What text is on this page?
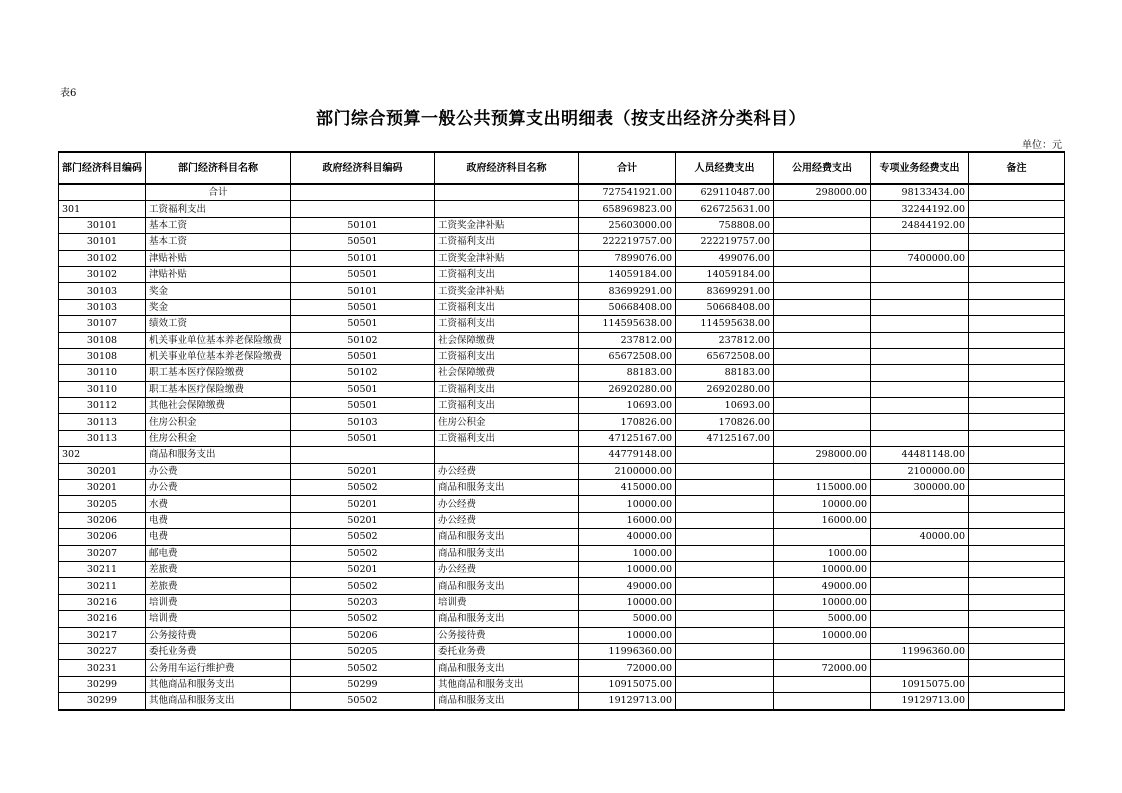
表6
部门综合预算一般公共预算支出明细表（按支出经济分类科目）
单位：元
部门经济科目编码	部门经济科目名称	政府经济科目编码	政府经济科目名称	合计	人员经费支出	公用经费支出	专项业务经费支出	备注
	合计			727541921.00	629110487.00	298000.00	98133434.00	
301	工资福利支出			658969823.00	626725631.00		32244192.00	
30101	基本工资	50101	工资奖金津补贴	25603000.00	758808.00		24844192.00	
30101	基本工资	50501	工资福利支出	222219757.00	222219757.00			
30102	津贴补贴	50101	工资奖金津补贴	7899076.00	499076.00		7400000.00	
30102	津贴补贴	50501	工资福利支出	14059184.00	14059184.00			
30103	奖金	50101	工资奖金津补贴	83699291.00	83699291.00			
30103	奖金	50501	工资福利支出	50668408.00	50668408.00			
30107	绩效工资	50501	工资福利支出	114595638.00	114595638.00			
30108	机关事业单位基本养老保险缴费	50102	社会保障缴费	237812.00	237812.00			
30108	机关事业单位基本养老保险缴费	50501	工资福利支出	65672508.00	65672508.00			
30110	职工基本医疗保险缴费	50102	社会保障缴费	88183.00	88183.00			
30110	职工基本医疗保险缴费	50501	工资福利支出	26920280.00	26920280.00			
30112	其他社会保障缴费	50501	工资福利支出	10693.00	10693.00			
30113	住房公积金	50103	住房公积金	170826.00	170826.00			
30113	住房公积金	50501	工资福利支出	47125167.00	47125167.00			
302	商品和服务支出			44779148.00		298000.00	44481148.00	
30201	办公费	50201	办公经费	2100000.00			2100000.00	
30201	办公费	50502	商品和服务支出	415000.00		115000.00	300000.00	
30205	水费	50201	办公经费	10000.00		10000.00		
30206	电费	50201	办公经费	16000.00		16000.00		
30206	电费	50502	商品和服务支出	40000.00			40000.00	
30207	邮电费	50502	商品和服务支出	1000.00		1000.00		
30211	差旅费	50201	办公经费	10000.00		10000.00		
30211	差旅费	50502	商品和服务支出	49000.00		49000.00		
30216	培训费	50203	培训费	10000.00		10000.00		
30216	培训费	50502	商品和服务支出	5000.00		5000.00		
30217	公务接待费	50206	公务接待费	10000.00		10000.00		
30227	委托业务费	50205	委托业务费	11996360.00			11996360.00	
30231	公务用车运行维护费	50502	商品和服务支出	72000.00		72000.00		
30299	其他商品和服务支出	50299	其他商品和服务支出	10915075.00			10915075.00	
30299	其他商品和服务支出	50502	商品和服务支出	19129713.00			19129713.00	
